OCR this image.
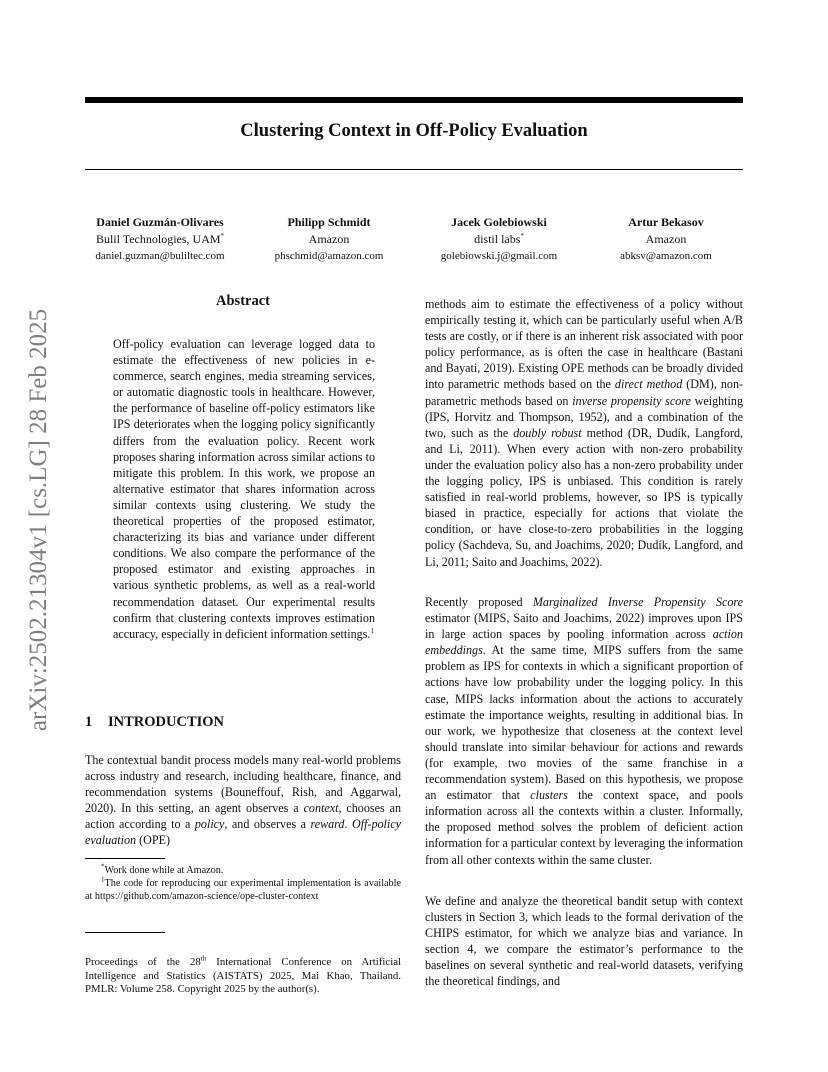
Clustering Context in Off-Policy Evaluation
Daniel Guzmán-Olivares
Bulil Technologies, UAM*
daniel.guzman@buliltec.com
Philipp Schmidt
Amazon
phschmid@amazon.com
Jacek Golebiowski
distil labs*
golebiowski.j@gmail.com
Artur Bekasov
Amazon
abksv@amazon.com
arXiv:2502.21304v1 [cs.LG] 28 Feb 2025
Abstract

Off-policy evaluation can leverage logged data to estimate the effectiveness of new policies in e-commerce, search engines, media streaming services, or automatic diagnostic tools in healthcare. However, the performance of baseline off-policy estimators like IPS deteriorates when the logging policy significantly differs from the evaluation policy. Recent work proposes sharing information across similar actions to mitigate this problem. In this work, we propose an alternative estimator that shares information across similar contexts using clustering. We study the theoretical properties of the proposed estimator, characterizing its bias and variance under different conditions. We also compare the performance of the proposed estimator and existing approaches in various synthetic problems, as well as a real-world recommendation dataset. Our experimental results confirm that clustering contexts improves estimation accuracy, especially in deficient information settings.$^1$

1 INTRODUCTION

The contextual bandit process models many real-world problems across industry and research, including healthcare, finance, and recommendation systems (Bouneffouf, Rish, and Aggarwal, 2020). In this setting, an agent observes a context, chooses an action according to a policy, and observes a reward. Off-policy evaluation (OPE)

*Work done while at Amazon.

$^1$The code for reproducing our experimental implementation is available at https://github.com/amazon-science/ope-cluster-context

Proceedings of the 28th International Conference on Artificial Intelligence and Statistics (AISTATS) 2025, Mai Khao, Thailand. PMLR: Volume 258. Copyright 2025 by the author(s).

methods aim to estimate the effectiveness of a policy without empirically testing it, which can be particularly useful when A/B tests are costly, or if there is an inherent risk associated with poor policy performance, as is often the case in healthcare (Bastani and Bayati, 2019). Existing OPE methods can be broadly divided into parametric methods based on the direct method (DM), non-parametric methods based on inverse propensity score weighting (IPS, Horvitz and Thompson, 1952), and a combination of the two, such as the doubly robust method (DR, Dudík, Langford, and Li, 2011). When every action with non-zero probability under the evaluation policy also has a non-zero probability under the logging policy, IPS is unbiased. This condition is rarely satisfied in real-world problems, however, so IPS is typically biased in practice, especially for actions that violate the condition, or have close-to-zero probabilities in the logging policy (Sachdeva, Su, and Joachims, 2020; Dudík, Langford, and Li, 2011; Saito and Joachims, 2022).

Recently proposed Marginalized Inverse Propensity Score estimator (MIPS, Saito and Joachims, 2022) improves upon IPS in large action spaces by pooling information across action embeddings. At the same time, MIPS suffers from the same problem as IPS for contexts in which a significant proportion of actions have low probability under the logging policy. In this case, MIPS lacks information about the actions to accurately estimate the importance weights, resulting in additional bias. In our work, we hypothesize that closeness at the context level should translate into similar behaviour for actions and rewards (for example, two movies of the same franchise in a recommendation system). Based on this hypothesis, we propose an estimator that clusters the context space, and pools information across all the contexts within a cluster. Informally, the proposed method solves the problem of deficient action information for a particular context by leveraging the information from all other contexts within the same cluster.

We define and analyze the theoretical bandit setup with context clusters in Section 3, which leads to the formal derivation of the CHIPS estimator, for which we analyze bias and variance. In section 4, we compare the estimator’s performance to the baselines on several synthetic and real-world datasets, verifying the theoretical findings, and
